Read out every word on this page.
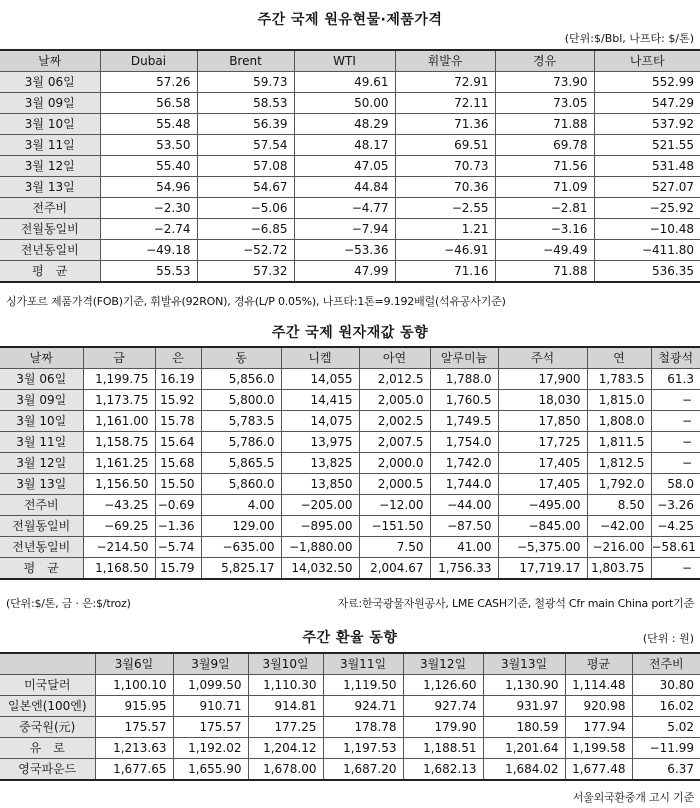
주간 국제 원유현물·제품가격
(단위:$/Bbl, 나프타: $/톤)
날짜	Dubai	Brent	WTI	휘발유	경유	나프타
3월 06일	57.26	59.73	49.61	72.91	73.90	552.99
3월 09일	56.58	58.53	50.00	72.11	73.05	547.29
3월 10일	55.48	56.39	48.29	71.36	71.88	537.92
3월 11일	53.50	57.54	48.17	69.51	69.78	521.55
3월 12일	55.40	57.08	47.05	70.73	71.56	531.48
3월 13일	54.96	54.67	44.84	70.36	71.09	527.07
전주비	−2.30	−5.06	−4.77	−2.55	−2.81	−25.92
전월동일비	−2.74	−6.85	−7.94	1.21	−3.16	−10.48
전년동일비	−49.18	−52.72	−53.36	−46.91	−49.49	−411.80
평　균	55.53	57.32	47.99	71.16	71.88	536.35
싱가포르 제품가격(FOB)기준, 휘발유(92RON), 경유(L/P 0.05%), 나프타:1톤=9.192배럴(석유공사기준)
주간 국제 원자재값 동향
날짜	금	은	동	니켈	아연	알루미늄	주석	연	철광석
3월 06일	1,199.75	16.19	5,856.0	14,055	2,012.5	1,788.0	17,900	1,783.5	61.3
3월 09일	1,173.75	15.92	5,800.0	14,415	2,005.0	1,760.5	18,030	1,815.0	−
3월 10일	1,161.00	15.78	5,783.5	14,075	2,002.5	1,749.5	17,850	1,808.0	−
3월 11일	1,158.75	15.64	5,786.0	13,975	2,007.5	1,754.0	17,725	1,811.5	−
3월 12일	1,161.25	15.68	5,865.5	13,825	2,000.0	1,742.0	17,405	1,812.5	−
3월 13일	1,156.50	15.50	5,860.0	13,850	2,000.5	1,744.0	17,405	1,792.0	58.0
전주비	−43.25	−0.69	4.00	−205.00	−12.00	−44.00	−495.00	8.50	−3.26
전월동일비	−69.25	−1.36	129.00	−895.00	−151.50	−87.50	−845.00	−42.00	−4.25
전년동일비	−214.50	−5.74	−635.00	−1,880.00	7.50	41.00	−5,375.00	−216.00	−58.61
평　균	1,168.50	15.79	5,825.17	14,032.50	2,004.67	1,756.33	17,719.17	1,803.75	−
(단위:$/톤, 금 · 은:$/troz)	자료:한국광물자원공사, LME CASH기준, 철광석 Cfr main China port기준
주간 환율 동향	(단위 : 원)
	3월6일	3월9일	3월10일	3월11일	3월12일	3월13일	평균	전주비
미국달러	1,100.10	1,099.50	1,110.30	1,119.50	1,126.60	1,130.90	1,114.48	30.80
일본엔(100엔)	915.95	910.71	914.81	924.71	927.74	931.97	920.98	16.02
중국원(元)	175.57	175.57	177.25	178.78	179.90	180.59	177.94	5.02
유　로	1,213.63	1,192.02	1,204.12	1,197.53	1,188.51	1,201.64	1,199.58	−11.99
영국파운드	1,677.65	1,655.90	1,678.00	1,687.20	1,682.13	1,684.02	1,677.48	6.37
서울외국환중개 고시 기준
